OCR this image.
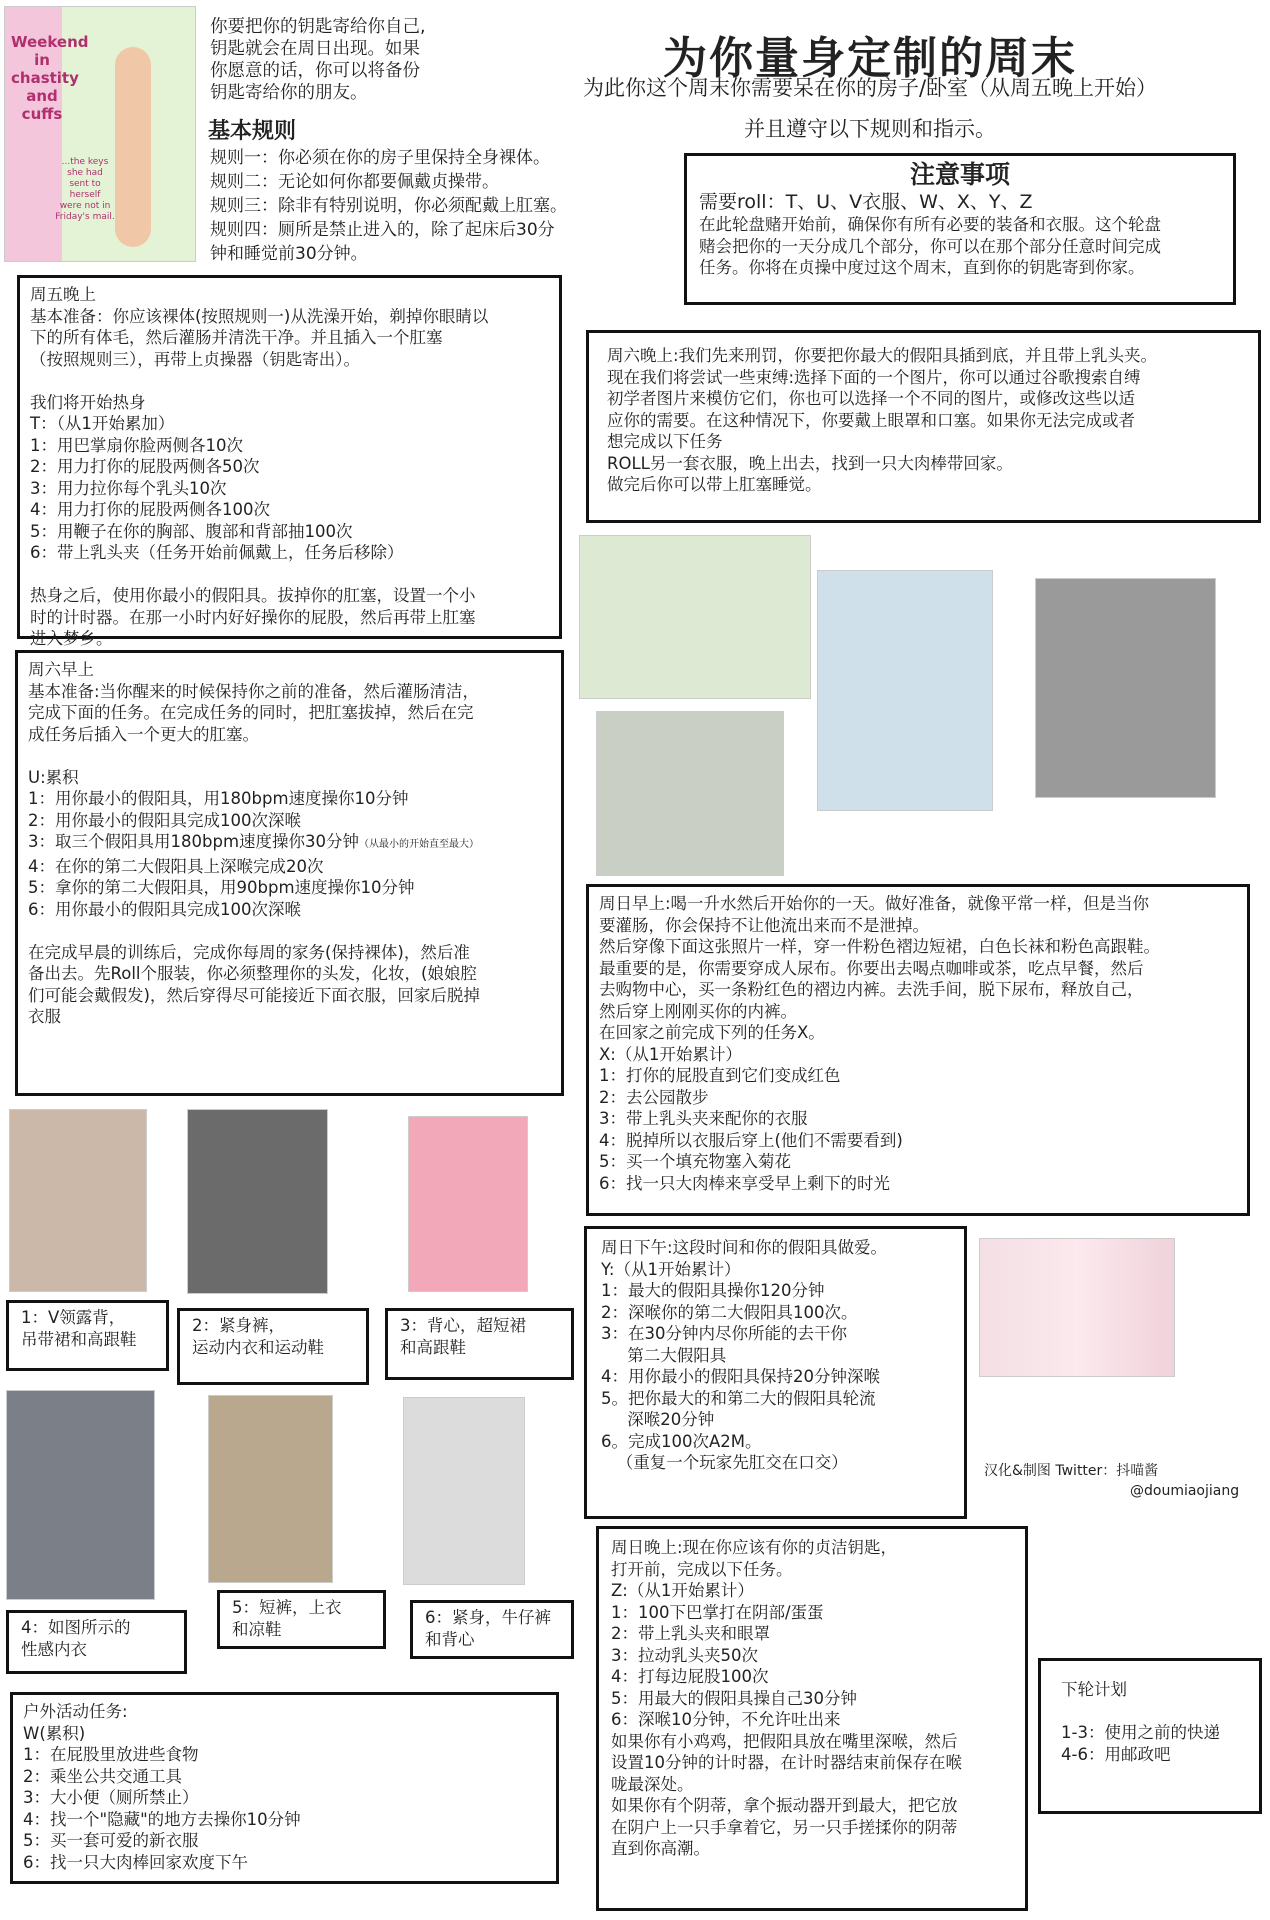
Weekend
in
chastity
and
cuffs
...the keys
she had
sent to
herself
were not in
Friday's mail.
你要把你的钥匙寄给你自己,
钥匙就会在周日出现。如果
你愿意的话，你可以将备份
钥匙寄给你的朋友。
基本规则
规则一：你必须在你的房子里保持全身裸体。
规则二：无论如何你都要佩戴贞操带。
规则三：除非有特别说明，你必须配戴上肛塞。
规则四：厕所是禁止进入的，除了起床后30分
钟和睡觉前30分钟。
为你量身定制的周末
为此你这个周末你需要呆在你的房子/卧室（从周五晚上开始）
并且遵守以下规则和指示。
注意事项
需要roll：T、U、V衣服、W、X、Y、Z
在此轮盘赌开始前，确保你有所有必要的装备和衣服。这个轮盘
赌会把你的一天分成几个部分，你可以在那个部分任意时间完成
任务。你将在贞操中度过这个周末，直到你的钥匙寄到你家。
周五晚上
基本准备：你应该裸体(按照规则一)从洗澡开始，剃掉你眼睛以
下的所有体毛，然后灌肠并清洗干净。并且插入一个肛塞
（按照规则三），再带上贞操器（钥匙寄出）。

我们将开始热身
T：（从1开始累加）
1：用巴掌扇你脸两侧各10次
2：用力打你的屁股两侧各50次
3：用力拉你每个乳头10次
4：用力打你的屁股两侧各100次
5：用鞭子在你的胸部、腹部和背部抽100次
6：带上乳头夹（任务开始前佩戴上，任务后移除）

热身之后，使用你最小的假阳具。拔掉你的肛塞，设置一个小
时的计时器。在那一小时内好好操你的屁股，然后再带上肛塞
进入梦乡。
周六晚上:我们先来刑罚，你要把你最大的假阳具插到底，并且带上乳头夹。
现在我们将尝试一些束缚:选择下面的一个图片，你可以通过谷歌搜索自缚
初学者图片来模仿它们，你也可以选择一个不同的图片，或修改这些以适
应你的需要。在这种情况下，你要戴上眼罩和口塞。如果你无法完成或者
想完成以下任务
ROLL另一套衣服，晚上出去，找到一只大肉棒带回家。
做完后你可以带上肛塞睡觉。
周六早上
基本准备:当你醒来的时候保持你之前的准备，然后灌肠清洁，
完成下面的任务。在完成任务的同时，把肛塞拔掉，然后在完
成任务后插入一个更大的肛塞。

U:累积
1：用你最小的假阳具，用180bpm速度操你10分钟
2：用你最小的假阳具完成100次深喉
3：取三个假阳具用180bpm速度操你30分钟（从最小的开始直至最大）

4：在你的第二大假阳具上深喉完成20次
5：拿你的第二大假阳具，用90bpm速度操你10分钟
6：用你最小的假阳具完成100次深喉

在完成早晨的训练后，完成你每周的家务(保持裸体)，然后准
备出去。先Roll个服装，你必须整理你的头发，化妆，(娘娘腔
们可能会戴假发)，然后穿得尽可能接近下面衣服，回家后脱掉
衣服
周日早上:喝一升水然后开始你的一天。做好准备，就像平常一样，但是当你
要灌肠，你会保持不让他流出来而不是泄掉。
然后穿像下面这张照片一样，穿一件粉色褶边短裙，白色长袜和粉色高跟鞋。
最重要的是，你需要穿成人尿布。你要出去喝点咖啡或茶，吃点早餐，然后
去购物中心，买一条粉红色的褶边内裤。去洗手间，脱下尿布，释放自己，
然后穿上刚刚买你的内裤。
在回家之前完成下列的任务X。
X:（从1开始累计）
1：打你的屁股直到它们变成红色
2：去公园散步
3：带上乳头夹来配你的衣服
4：脱掉所以衣服后穿上(他们不需要看到)
5：买一个填充物塞入菊花
6：找一只大肉棒来享受早上剩下的时光
1：V领露背，
吊带裙和高跟鞋
2：紧身裤，
运动内衣和运动鞋
3：背心，超短裙
和高跟鞋
4：如图所示的
性感内衣
5：短裤，上衣
和凉鞋
6：紧身，牛仔裤
和背心
周日下午:这段时间和你的假阳具做爱。
Y:（从1开始累计）
1：最大的假阳具操你120分钟
2：深喉你的第二大假阳具100次。
3：在30分钟内尽你所能的去干你
第二大假阳具
4：用你最小的假阳具保持20分钟深喉
5。把你最大的和第二大的假阳具轮流
深喉20分钟
6。完成100次A2M。
（重复一个玩家先肛交在口交）	汉化&制图 Twitter：抖喵酱
@doumiaojiang
户外活动任务:
W(累积)
1：在屁股里放进些食物
2：乘坐公共交通工具
3：大小便（厕所禁止）
4：找一个"隐藏"的地方去操你10分钟
5：买一套可爱的新衣服
6：找一只大肉棒回家欢度下午
周日晚上:现在你应该有你的贞洁钥匙，
打开前，完成以下任务。
Z:（从1开始累计）
1：100下巴掌打在阴部/蛋蛋
2：带上乳头夹和眼罩
3：拉动乳头夹50次
4：打每边屁股100次
5：用最大的假阳具操自己30分钟
6：深喉10分钟，不允许吐出来
如果你有小鸡鸡，把假阳具放在嘴里深喉，然后
设置10分钟的计时器，在计时器结束前保存在喉
咙最深处。
如果你有个阴蒂，拿个振动器开到最大，把它放
在阴户上一只手拿着它，另一只手搓揉你的阴蒂
直到你高潮。
下轮计划

1-3：使用之前的快递
4-6：用邮政吧
